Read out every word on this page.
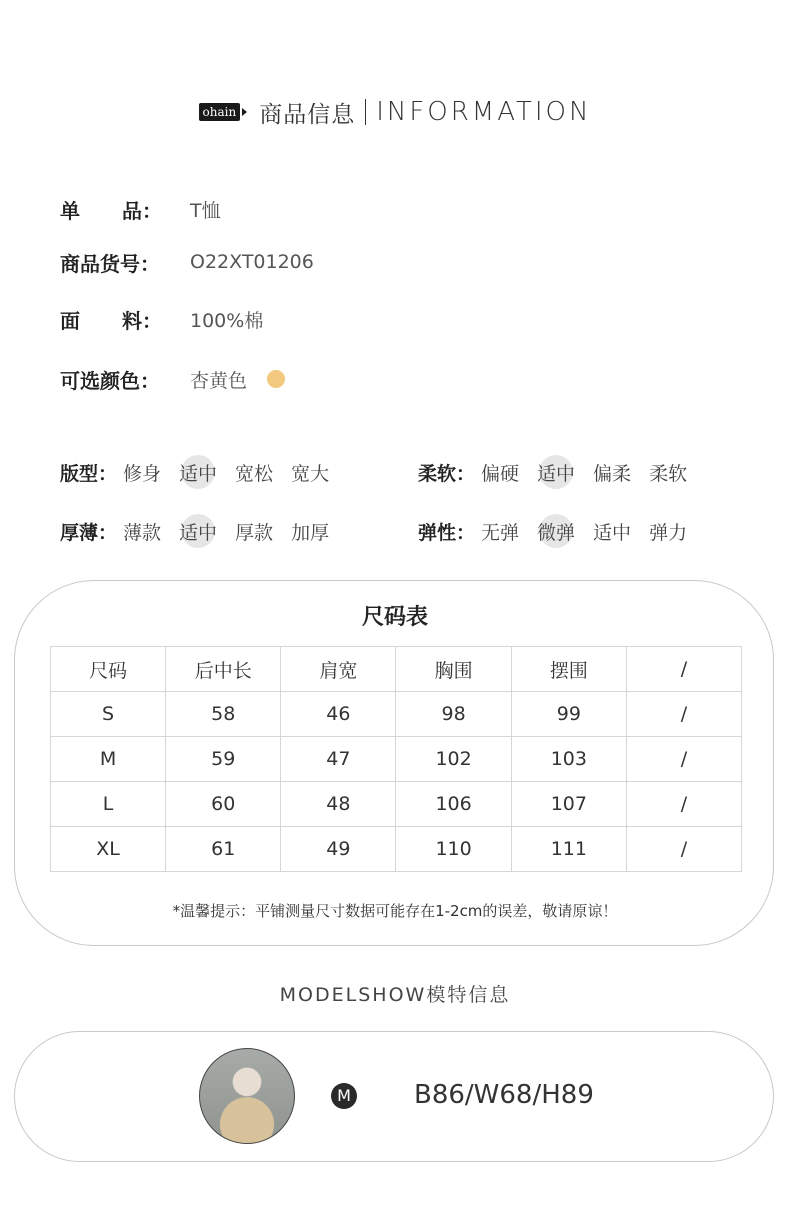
ohain 商品信息 INFORMATION
单 品： T恤
商品货号：	O22XT01206
面 料： 100%棉
可选颜色：	杏黄色
版型： 修身 适中 宽松 宽大	柔软： 偏硬 适中 偏柔 柔软
厚薄： 薄款 适中 厚款 加厚	弹性： 无弹 微弹 适中 弹力
尺码表
尺码	后中长	肩宽	胸围	摆围	/
S	58	46	98	99	/
M	59	47	102	103	/
L	60	48	106	107	/
XL	61	49	110	111	/
*温馨提示：平铺测量尺寸数据可能存在1-2cm的误差，敬请原谅！
MODELSHOW模特信息
M B86/W68/H89
